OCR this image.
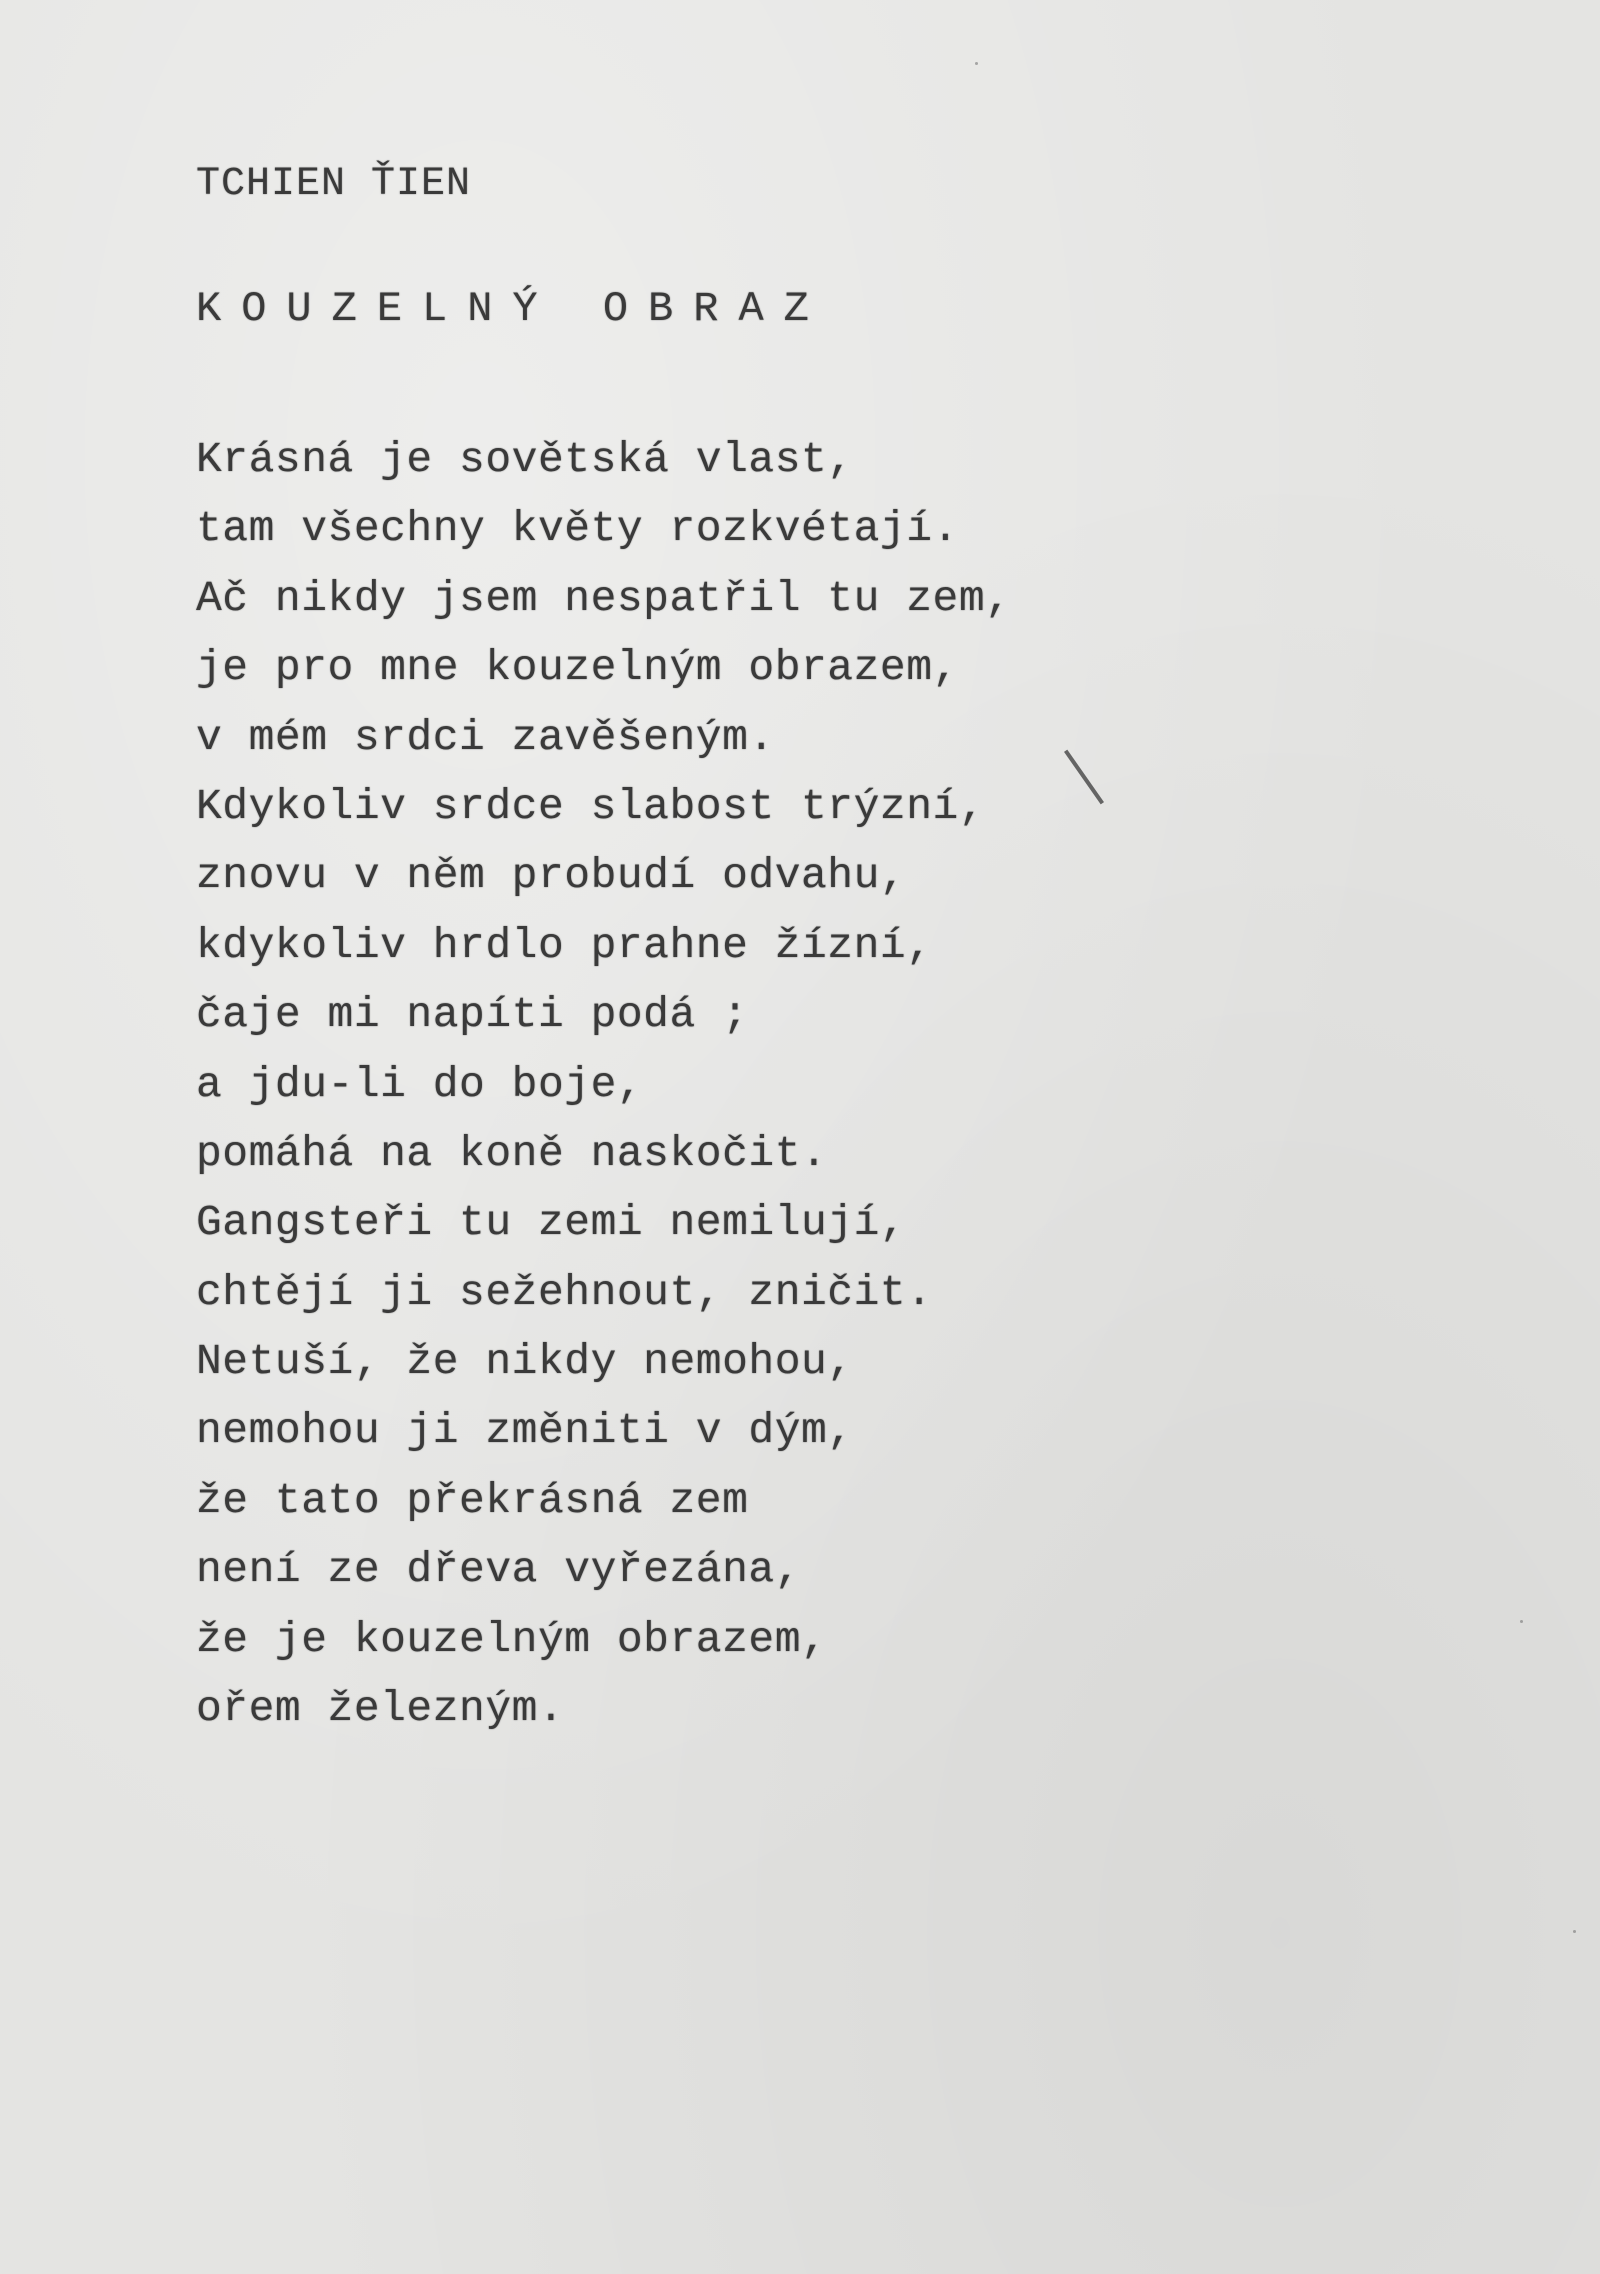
TCHIEN ŤIEN
KOUZELNÝ OBRAZ
Krásná je sovětská vlast,
tam všechny květy rozkvétají.
Ač nikdy jsem nespatřil tu zem,
je pro mne kouzelným obrazem,
v mém srdci zavěšeným.
Kdykoliv srdce slabost trýzní,
znovu v něm probudí odvahu,
kdykoliv hrdlo prahne žízní,
čaje mi napíti podá ;
a jdu-li do boje,
pomáhá na koně naskočit.
Gangsteři tu zemi nemilují,
chtějí ji sežehnout, zničit.
Netuší, že nikdy nemohou,
nemohou ji změniti v dým,
že tato překrásná zem
není ze dřeva vyřezána,
že je kouzelným obrazem,
ořem železným.
